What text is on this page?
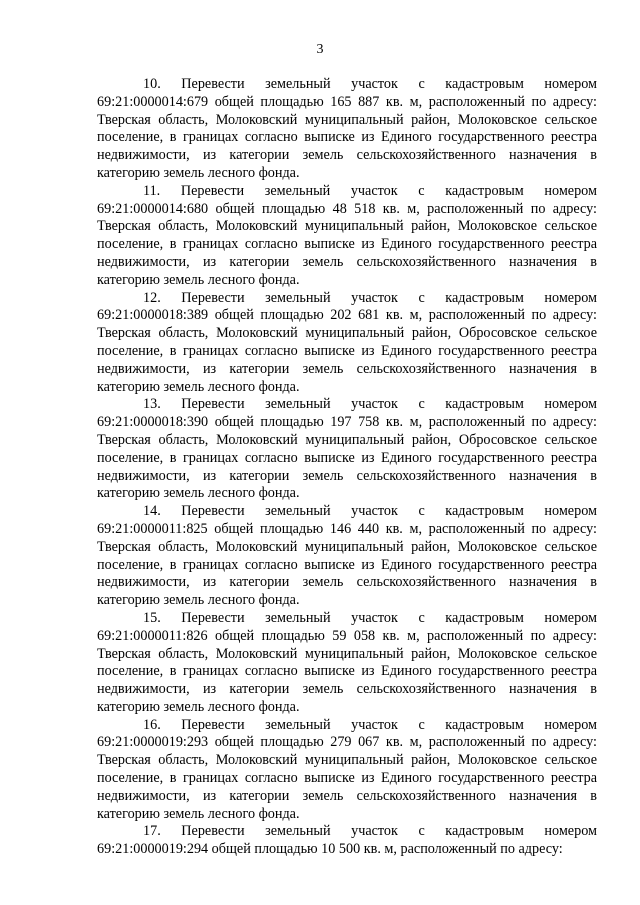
3

10. Перевести земельный участок с кадастровым номером 69:21:0000014:679 общей площадью 165 887 кв. м, расположенный по адресу: Тверская область, Молоковский муниципальный район, Молоковское сельское поселение, в границах согласно выписке из Единого государственного реестра недвижимости, из категории земель сельскохозяйственного назначения в категорию земель лесного фонда.

11. Перевести земельный участок с кадастровым номером 69:21:0000014:680 общей площадью 48 518 кв. м, расположенный по адресу: Тверская область, Молоковский муниципальный район, Молоковское сельское поселение, в границах согласно выписке из Единого государственного реестра недвижимости, из категории земель сельскохозяйственного назначения в категорию земель лесного фонда.

12. Перевести земельный участок с кадастровым номером 69:21:0000018:389 общей площадью 202 681 кв. м, расположенный по адресу: Тверская область, Молоковский муниципальный район, Обросовское сельское поселение, в границах согласно выписке из Единого государственного реестра недвижимости, из категории земель сельскохозяйственного назначения в категорию земель лесного фонда.

13. Перевести земельный участок с кадастровым номером 69:21:0000018:390 общей площадью 197 758 кв. м, расположенный по адресу: Тверская область, Молоковский муниципальный район, Обросовское сельское поселение, в границах согласно выписке из Единого государственного реестра недвижимости, из категории земель сельскохозяйственного назначения в категорию земель лесного фонда.

14. Перевести земельный участок с кадастровым номером 69:21:0000011:825 общей площадью 146 440 кв. м, расположенный по адресу: Тверская область, Молоковский муниципальный район, Молоковское сельское поселение, в границах согласно выписке из Единого государственного реестра недвижимости, из категории земель сельскохозяйственного назначения в категорию земель лесного фонда.

15. Перевести земельный участок с кадастровым номером 69:21:0000011:826 общей площадью 59 058 кв. м, расположенный по адресу: Тверская область, Молоковский муниципальный район, Молоковское сельское поселение, в границах согласно выписке из Единого государственного реестра недвижимости, из категории земель сельскохозяйственного назначения в категорию земель лесного фонда.

16. Перевести земельный участок с кадастровым номером 69:21:0000019:293 общей площадью 279 067 кв. м, расположенный по адресу: Тверская область, Молоковский муниципальный район, Молоковское сельское поселение, в границах согласно выписке из Единого государственного реестра недвижимости, из категории земель сельскохозяйственного назначения в категорию земель лесного фонда.

17. Перевести земельный участок с кадастровым номером 69:21:0000019:294 общей площадью 10 500 кв. м, расположенный по адресу:
